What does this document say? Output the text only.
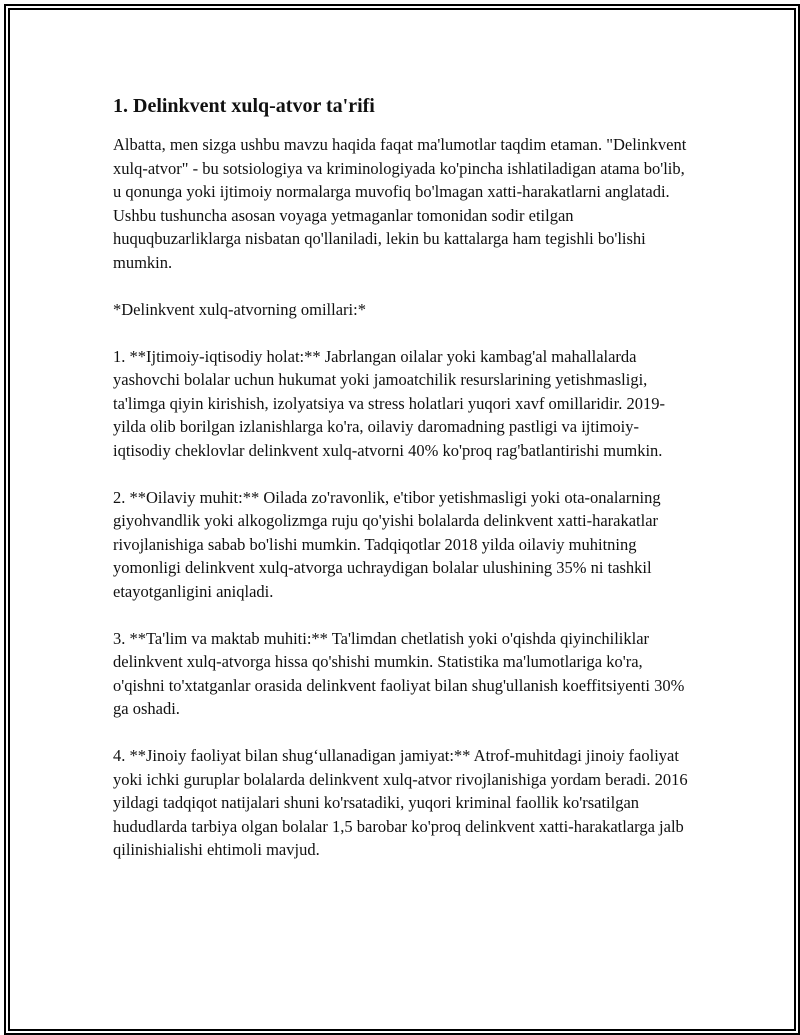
1. Delinkvent xulq-atvor ta'rifi

Albatta, men sizga ushbu mavzu haqida faqat ma'lumotlar taqdim etaman. "Delinkvent xulq-atvor" - bu sotsiologiya va kriminologiyada ko'pincha ishlatiladigan atama bo'lib, u qonunga yoki ijtimoiy normalarga muvofiq bo'lmagan xatti-harakatlarni anglatadi. Ushbu tushuncha asosan voyaga yetmaganlar tomonidan sodir etilgan huquqbuzarliklarga nisbatan qo'llaniladi, lekin bu kattalarga ham tegishli bo'lishi mumkin.

*Delinkvent xulq-atvorning omillari:*

1. **Ijtimoiy-iqtisodiy holat:** Jabrlangan oilalar yoki kambag'al mahallalarda yashovchi bolalar uchun hukumat yoki jamoatchilik resurslarining yetishmasligi, ta'limga qiyin kirishish, izolyatsiya va stress holatlari yuqori xavf omillaridir. 2019-yilda olib borilgan izlanishlarga ko'ra, oilaviy daromadning pastligi va ijtimoiy-iqtisodiy cheklovlar delinkvent xulq-atvorni 40% ko'proq rag'batlantirishi mumkin.

2. **Oilaviy muhit:** Oilada zo'ravonlik, e'tibor yetishmasligi yoki ota-onalarning giyohvandlik yoki alkogolizmga ruju qo'yishi bolalarda delinkvent xatti-harakatlar rivojlanishiga sabab bo'lishi mumkin. Tadqiqotlar 2018 yilda oilaviy muhitning yomonligi delinkvent xulq-atvorga uchraydigan bolalar ulushining 35% ni tashkil etayotganligini aniqladi.

3. **Ta'lim va maktab muhiti:** Ta'limdan chetlatish yoki o'qishda qiyinchiliklar delinkvent xulq-atvorga hissa qo'shishi mumkin. Statistika ma'lumotlariga ko'ra, o'qishni to'xtatganlar orasida delinkvent faoliyat bilan shug'ullanish koeffitsiyenti 30% ga oshadi.

4. **Jinoiy faoliyat bilan shug‘ullanadigan jamiyat:** Atrof-muhitdagi jinoiy faoliyat yoki ichki guruplar bolalarda delinkvent xulq-atvor rivojlanishiga yordam beradi. 2016 yildagi tadqiqot natijalari shuni ko'rsatadiki, yuqori kriminal faollik ko'rsatilgan hududlarda tarbiya olgan bolalar 1,5 barobar ko'proq delinkvent xatti-harakatlarga jalb qilinishialishi ehtimoli mavjud.
